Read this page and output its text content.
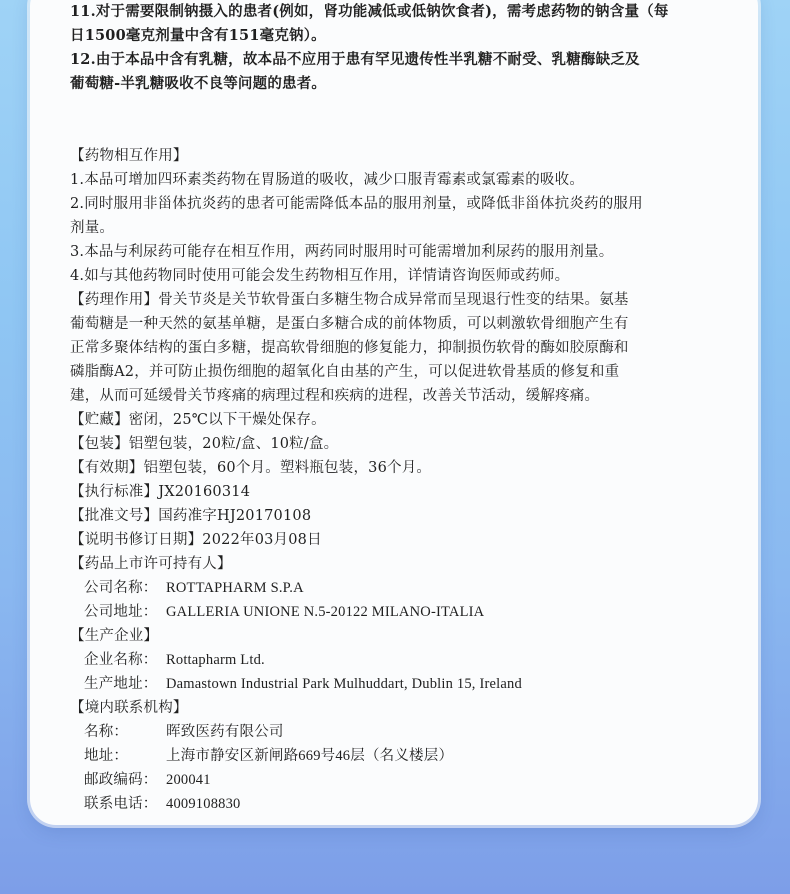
11.对于需要限制钠摄入的患者(例如，肾功能减低或低钠饮食者)，需考虑药物的钠含量（每
日1500毫克剂量中含有151毫克钠）。
12.由于本品中含有乳糖，故本品不应用于患有罕见遗传性半乳糖不耐受、乳糖酶缺乏及
葡萄糖-半乳糖吸收不良等问题的患者。
【药物相互作用】
1.本品可增加四环素类药物在胃肠道的吸收，减少口服青霉素或氯霉素的吸收。
2.同时服用非甾体抗炎药的患者可能需降低本品的服用剂量，或降低非甾体抗炎药的服用
剂量。
3.本品与利尿药可能存在相互作用，两药同时服用时可能需增加利尿药的服用剂量。
4.如与其他药物同时使用可能会发生药物相互作用，详情请咨询医师或药师。
【药理作用】骨关节炎是关节软骨蛋白多糖生物合成异常而呈现退行性变的结果。氨基
葡萄糖是一种天然的氨基单糖，是蛋白多糖合成的前体物质，可以刺激软骨细胞产生有
正常多聚体结构的蛋白多糖，提高软骨细胞的修复能力，抑制损伤软骨的酶如胶原酶和
磷脂酶A2，并可防止损伤细胞的超氧化自由基的产生，可以促进软骨基质的修复和重
建，从而可延缓骨关节疼痛的病理过程和疾病的进程，改善关节活动，缓解疼痛。
【贮藏】密闭，25℃以下干燥处保存。
【包装】铝塑包装，20粒/盒、10粒/盒。
【有效期】铝塑包装，60个月。塑料瓶包装，36个月。
【执行标准】JX20160314
【批准文号】国药准字HJ20170108
【说明书修订日期】2022年03月08日
【药品上市许可持有人】
公司名称： ROTTAPHARM S.P.A
公司地址： GALLERIA UNIONE N.5-20122 MILANO-ITALIA
【生产企业】
企业名称： Rottapharm Ltd.
生产地址： Damastown Industrial Park Mulhuddart, Dublin 15, Ireland
【境内联系机构】
名称：	晖致医药有限公司
地址：	上海市静安区新闸路669号46层（名义楼层）
邮政编码： 200041
联系电话： 4009108830
